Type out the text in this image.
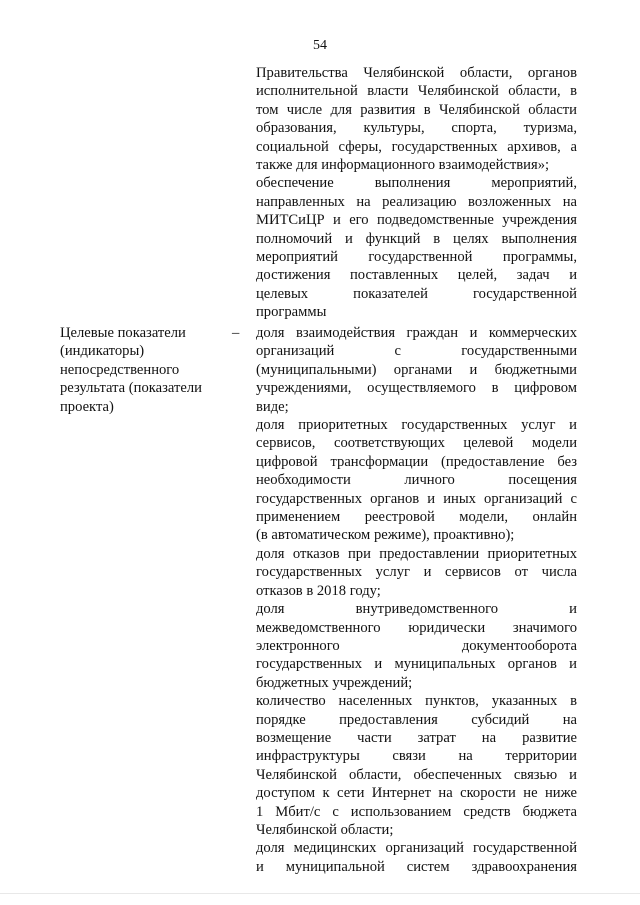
54
Правительства Челябинской области, органов
исполнительной власти Челябинской области, в
том числе для развития в Челябинской области
образования, культуры, спорта, туризма,
социальной сферы, государственных архивов, а
также для информационного взаимодействия»;
обеспечение выполнения мероприятий,
направленных на реализацию возложенных на
МИТСиЦР и его подведомственные учреждения
полномочий и функций в целях выполнения
мероприятий государственной программы,
достижения поставленных целей, задач и
целевых показателей государственной
программы
Целевые показатели
(индикаторы)
непосредственного
результата (показатели
проекта)
– доля взаимодействия граждан и коммерческих
организаций с государственными
(муниципальными) органами и бюджетными
учреждениями, осуществляемого в цифровом
виде;
доля приоритетных государственных услуг и
сервисов, соответствующих целевой модели
цифровой трансформации (предоставление без
необходимости личного посещения
государственных органов и иных организаций с
применением реестровой модели, онлайн
(в автоматическом режиме), проактивно);
доля отказов при предоставлении приоритетных
государственных услуг и сервисов от числа
отказов в 2018 году;
доля внутриведомственного и
межведомственного юридически значимого
электронного документооборота
государственных и муниципальных органов и
бюджетных учреждений;
количество населенных пунктов, указанных в
порядке предоставления субсидий на
возмещение части затрат на развитие
инфраструктуры связи на территории
Челябинской области, обеспеченных связью и
доступом к сети Интернет на скорости не ниже
1 Мбит/с с использованием средств бюджета
Челябинской области;
доля медицинских организаций государственной
и муниципальной систем здравоохранения
